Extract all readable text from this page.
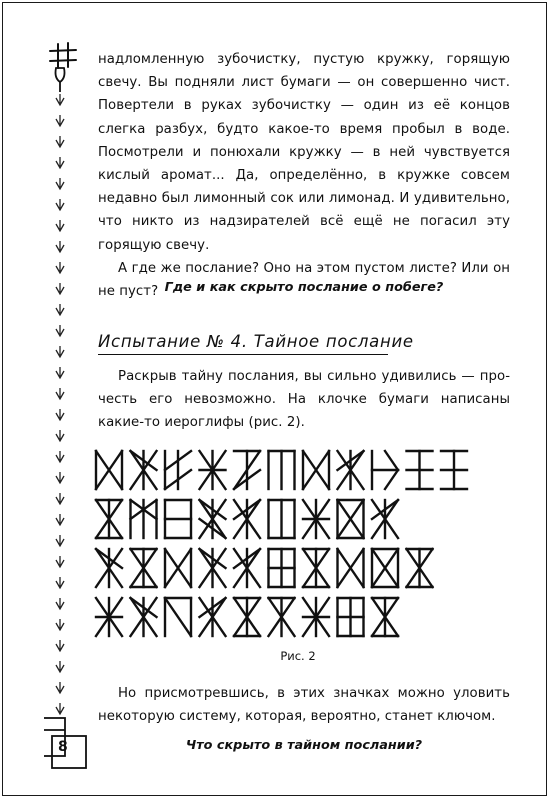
8

надломленную зубочистку, пустую кружку, горящую свечу. Вы подняли лист бумаги — он совершенно чист. Повертели в руках зубочистку — один из её концов слегка разбух, будто какое-то время пробыл в воде. Посмотрели и понюхали кружку — в ней чувствуется кислый аромат... Да, определённо, в кружке совсем недавно был лимонный сок или лимонад. И удивительно, что никто из надзирателей всё ещё не погасил эту горящую свечу.

А где же послание? Оно на этом пустом листе? Или он не пуст? Где и как скрыто послание о побеге?
Испытание № 4. Тайное послание

Раскрыв тайну послания, вы сильно удивились — прочесть его невозможно. На клочке бумаги написаны какие-то иероглифы (рис. 2).

Рис. 2

Но присмотревшись, в этих значках можно уловить некоторую систему, которая, вероятно, станет ключом.

Что скрыто в тайном послании?
